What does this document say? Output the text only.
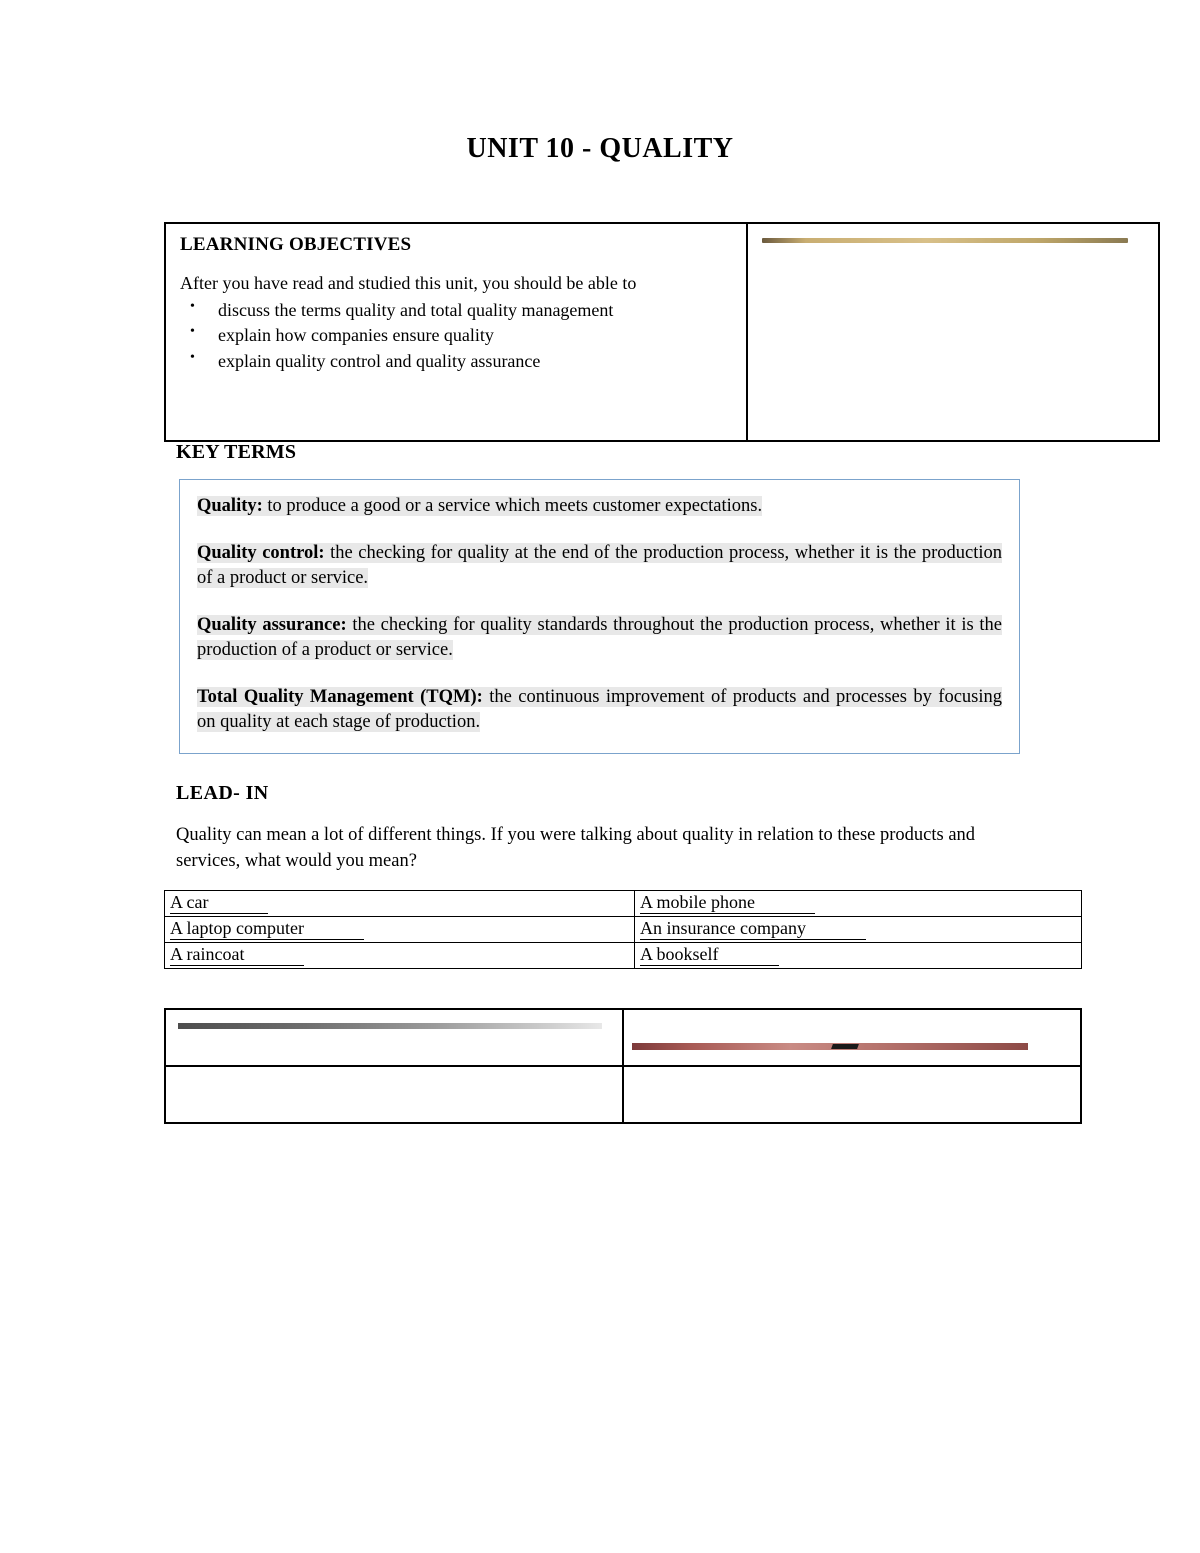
UNIT 10 - QUALITY
LEARNING OBJECTIVES

After you have read and studied this unit, you should be able to

• discuss the terms quality and total quality management
• explain how companies ensure quality
• explain quality control and quality assurance
KEY TERMS

Quality: to produce a good or a service which meets customer expectations.

Quality control: the checking for quality at the end of the production process, whether it is the production of a product or service.

Quality assurance: the checking for quality standards throughout the production process, whether it is the production of a product or service.

Total Quality Management (TQM): the continuous improvement of products and processes by focusing on quality at each stage of production.

LEAD- IN
Quality can mean a lot of different things. If you were talking about quality in relation to these products and services, what would you mean?
A car	A mobile phone
A laptop computer	An insurance company
A raincoat	A bookself
